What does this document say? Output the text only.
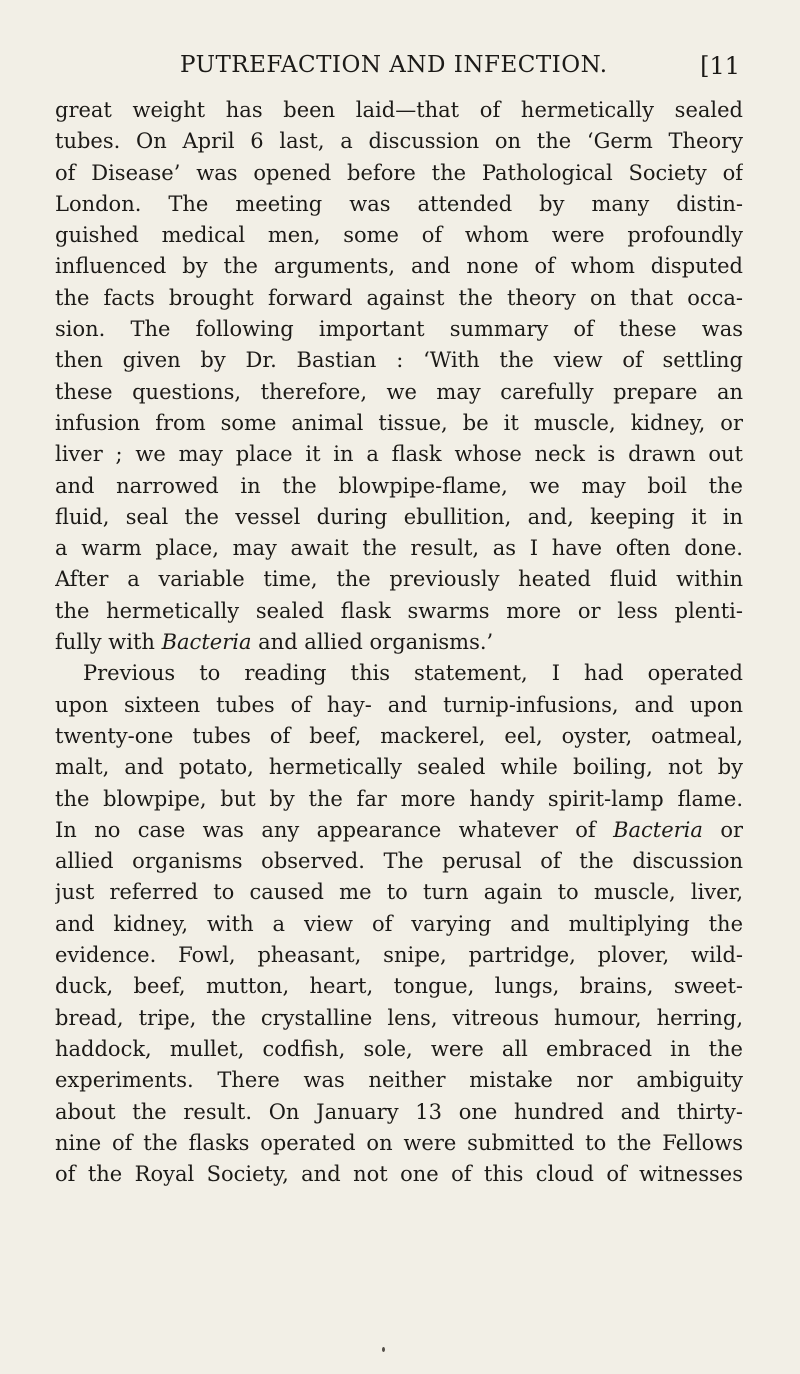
PUTREFACTION AND INFECTION.	[11
great weight has been laid—that of hermetically sealed
tubes. On April 6 last, a discussion on the ‘Germ Theory
of Disease’ was opened before the Pathological Society of
London. The meeting was attended by many distin-
guished medical men, some of whom were profoundly
influenced by the arguments, and none of whom disputed
the facts brought forward against the theory on that occa-
sion. The following important summary of these was
then given by Dr. Bastian : ‘With the view of settling
these questions, therefore, we may carefully prepare an
infusion from some animal tissue, be it muscle, kidney, or
liver ; we may place it in a flask whose neck is drawn out
and narrowed in the blowpipe-flame, we may boil the
fluid, seal the vessel during ebullition, and, keeping it in
a warm place, may await the result, as I have often done.
After a variable time, the previously heated fluid within
the hermetically sealed flask swarms more or less plenti-
fully with Bacteria and allied organisms.’
Previous to reading this statement, I had operated
upon sixteen tubes of hay- and turnip-infusions, and upon
twenty-one tubes of beef, mackerel, eel, oyster, oatmeal,
malt, and potato, hermetically sealed while boiling, not by
the blowpipe, but by the far more handy spirit-lamp flame.
In no case was any appearance whatever of Bacteria or
allied organisms observed. The perusal of the discussion
just referred to caused me to turn again to muscle, liver,
and kidney, with a view of varying and multiplying the
evidence. Fowl, pheasant, snipe, partridge, plover, wild-
duck, beef, mutton, heart, tongue, lungs, brains, sweet-
bread, tripe, the crystalline lens, vitreous humour, herring,
haddock, mullet, codfish, sole, were all embraced in the
experiments. There was neither mistake nor ambiguity
about the result. On January 13 one hundred and thirty-
nine of the flasks operated on were submitted to the Fellows
of the Royal Society, and not one of this cloud of witnesses
